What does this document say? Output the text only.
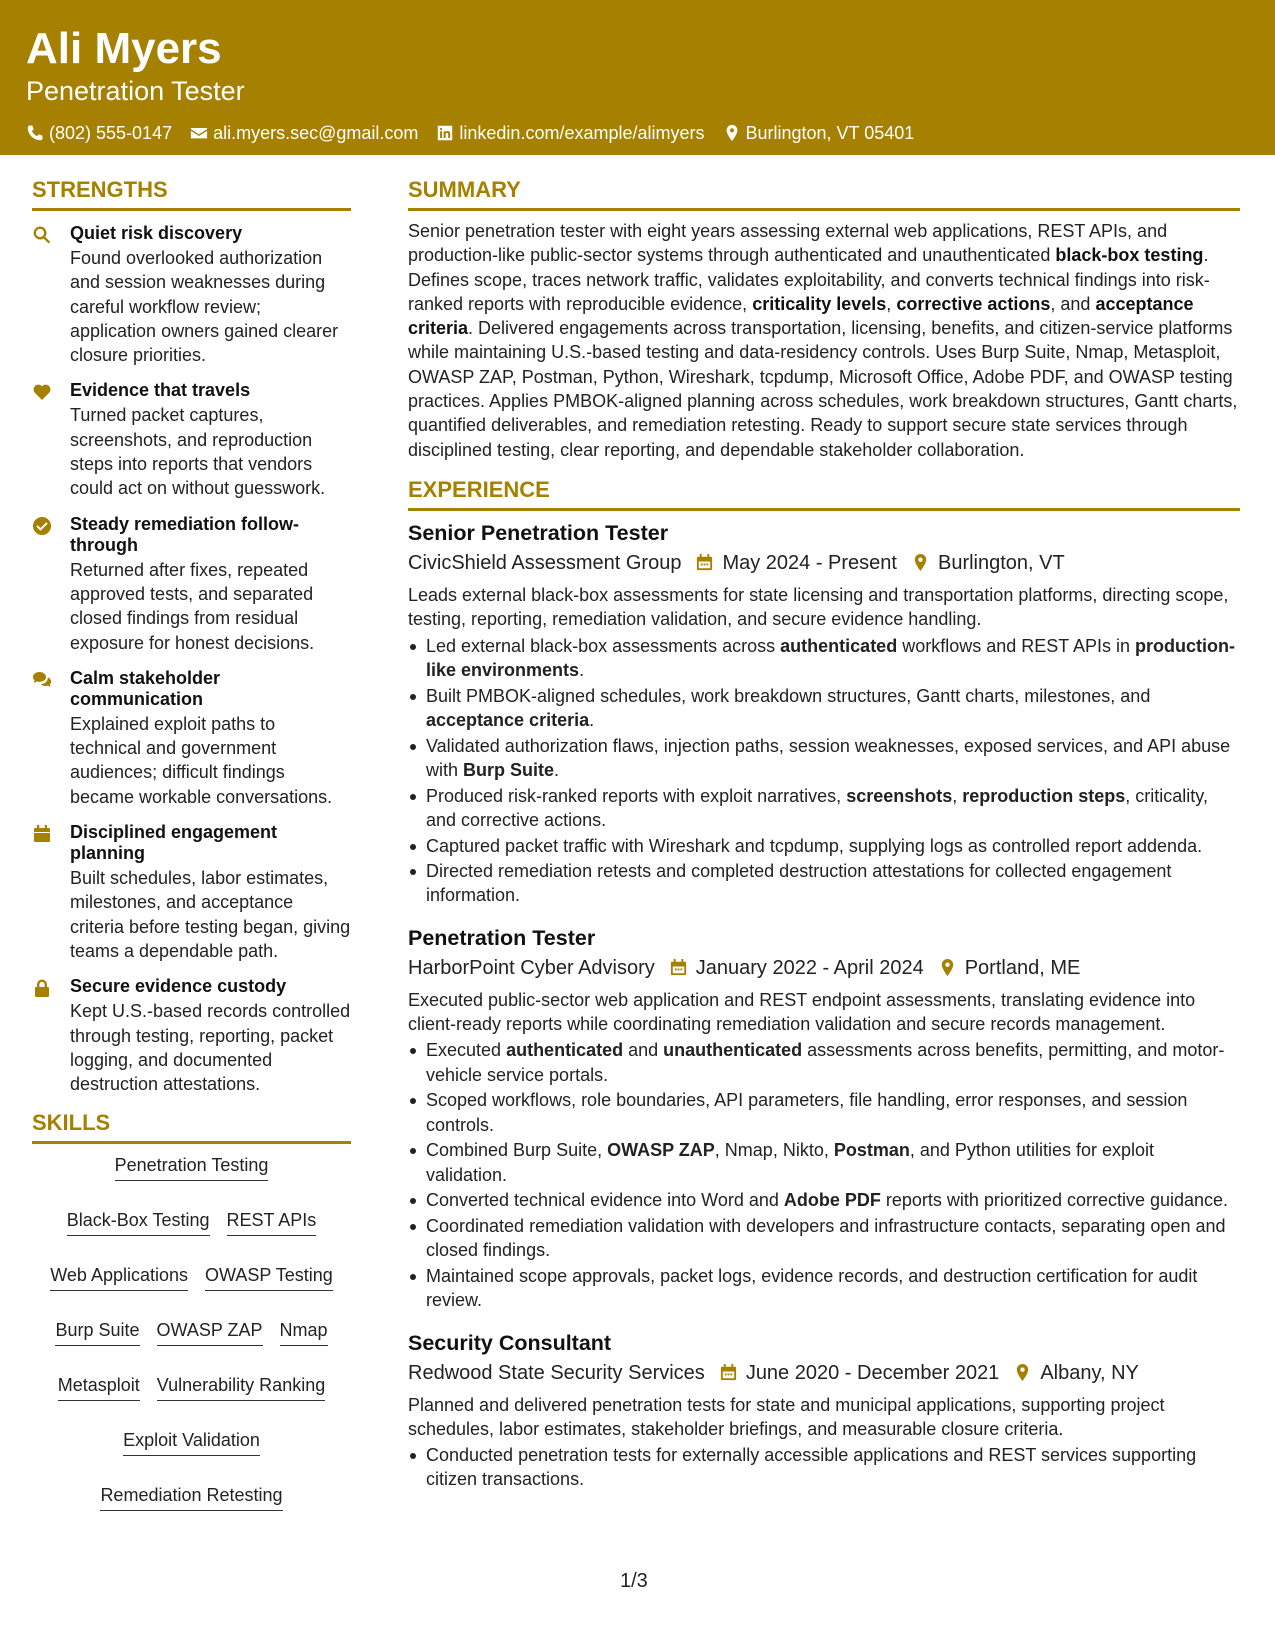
Ali Myers
Penetration Tester
(802) 555-0147 ali.myers.sec@gmail.com linkedin.com/example/alimyers Burlington, VT 05401
STRENGTHS
Quiet risk discovery
Found overlooked authorization and session weaknesses during careful workflow review; application owners gained clearer closure priorities.
Evidence that travels
Turned packet captures, screenshots, and reproduction steps into reports that vendors could act on without guesswork.
Steady remediation follow-through
Returned after fixes, repeated approved tests, and separated closed findings from residual exposure for honest decisions.
Calm stakeholder communication
Explained exploit paths to technical and government audiences; difficult findings became workable conversations.
Disciplined engagement planning
Built schedules, labor estimates, milestones, and acceptance criteria before testing began, giving teams a dependable path.
Secure evidence custody
Kept U.S.-based records controlled through testing, reporting, packet logging, and documented destruction attestations.
SKILLS
Penetration Testing
Black-Box Testing REST APIs
Web Applications OWASP Testing
Burp Suite OWASP ZAP Nmap
Metasploit Vulnerability Ranking
Exploit Validation
Remediation Retesting
SUMMARY
Senior penetration tester with eight years assessing external web applications, REST APIs, and production-like public-sector systems through authenticated and unauthenticated black-box testing. Defines scope, traces network traffic, validates exploitability, and converts technical findings into risk-ranked reports with reproducible evidence, criticality levels, corrective actions, and acceptance criteria. Delivered engagements across transportation, licensing, benefits, and citizen-service platforms while maintaining U.S.-based testing and data-residency controls. Uses Burp Suite, Nmap, Metasploit, OWASP ZAP, Postman, Python, Wireshark, tcpdump, Microsoft Office, Adobe PDF, and OWASP testing practices. Applies PMBOK-aligned planning across schedules, work breakdown structures, Gantt charts, quantified deliverables, and remediation retesting. Ready to support secure state services through disciplined testing, clear reporting, and dependable stakeholder collaboration.
EXPERIENCE
Senior Penetration Tester
CivicShield Assessment Group May 2024 - Present Burlington, VT
Leads external black-box assessments for state licensing and transportation platforms, directing scope, testing, reporting, remediation validation, and secure evidence handling.
Led external black-box assessments across authenticated workflows and REST APIs in production-like environments.
Built PMBOK-aligned schedules, work breakdown structures, Gantt charts, milestones, and acceptance criteria.
Validated authorization flaws, injection paths, session weaknesses, exposed services, and API abuse with Burp Suite.
Produced risk-ranked reports with exploit narratives, screenshots, reproduction steps, criticality, and corrective actions.
Captured packet traffic with Wireshark and tcpdump, supplying logs as controlled report addenda.
Directed remediation retests and completed destruction attestations for collected engagement information.
Penetration Tester
HarborPoint Cyber Advisory January 2022 - April 2024 Portland, ME
Executed public-sector web application and REST endpoint assessments, translating evidence into client-ready reports while coordinating remediation validation and secure records management.
Executed authenticated and unauthenticated assessments across benefits, permitting, and motor-vehicle service portals.
Scoped workflows, role boundaries, API parameters, file handling, error responses, and session controls.
Combined Burp Suite, OWASP ZAP, Nmap, Nikto, Postman, and Python utilities for exploit validation.
Converted technical evidence into Word and Adobe PDF reports with prioritized corrective guidance.
Coordinated remediation validation with developers and infrastructure contacts, separating open and closed findings.
Maintained scope approvals, packet logs, evidence records, and destruction certification for audit review.
Security Consultant
Redwood State Security Services June 2020 - December 2021 Albany, NY
Planned and delivered penetration tests for state and municipal applications, supporting project schedules, labor estimates, stakeholder briefings, and measurable closure criteria.
Conducted penetration tests for externally accessible applications and REST services supporting citizen transactions.
1/3
